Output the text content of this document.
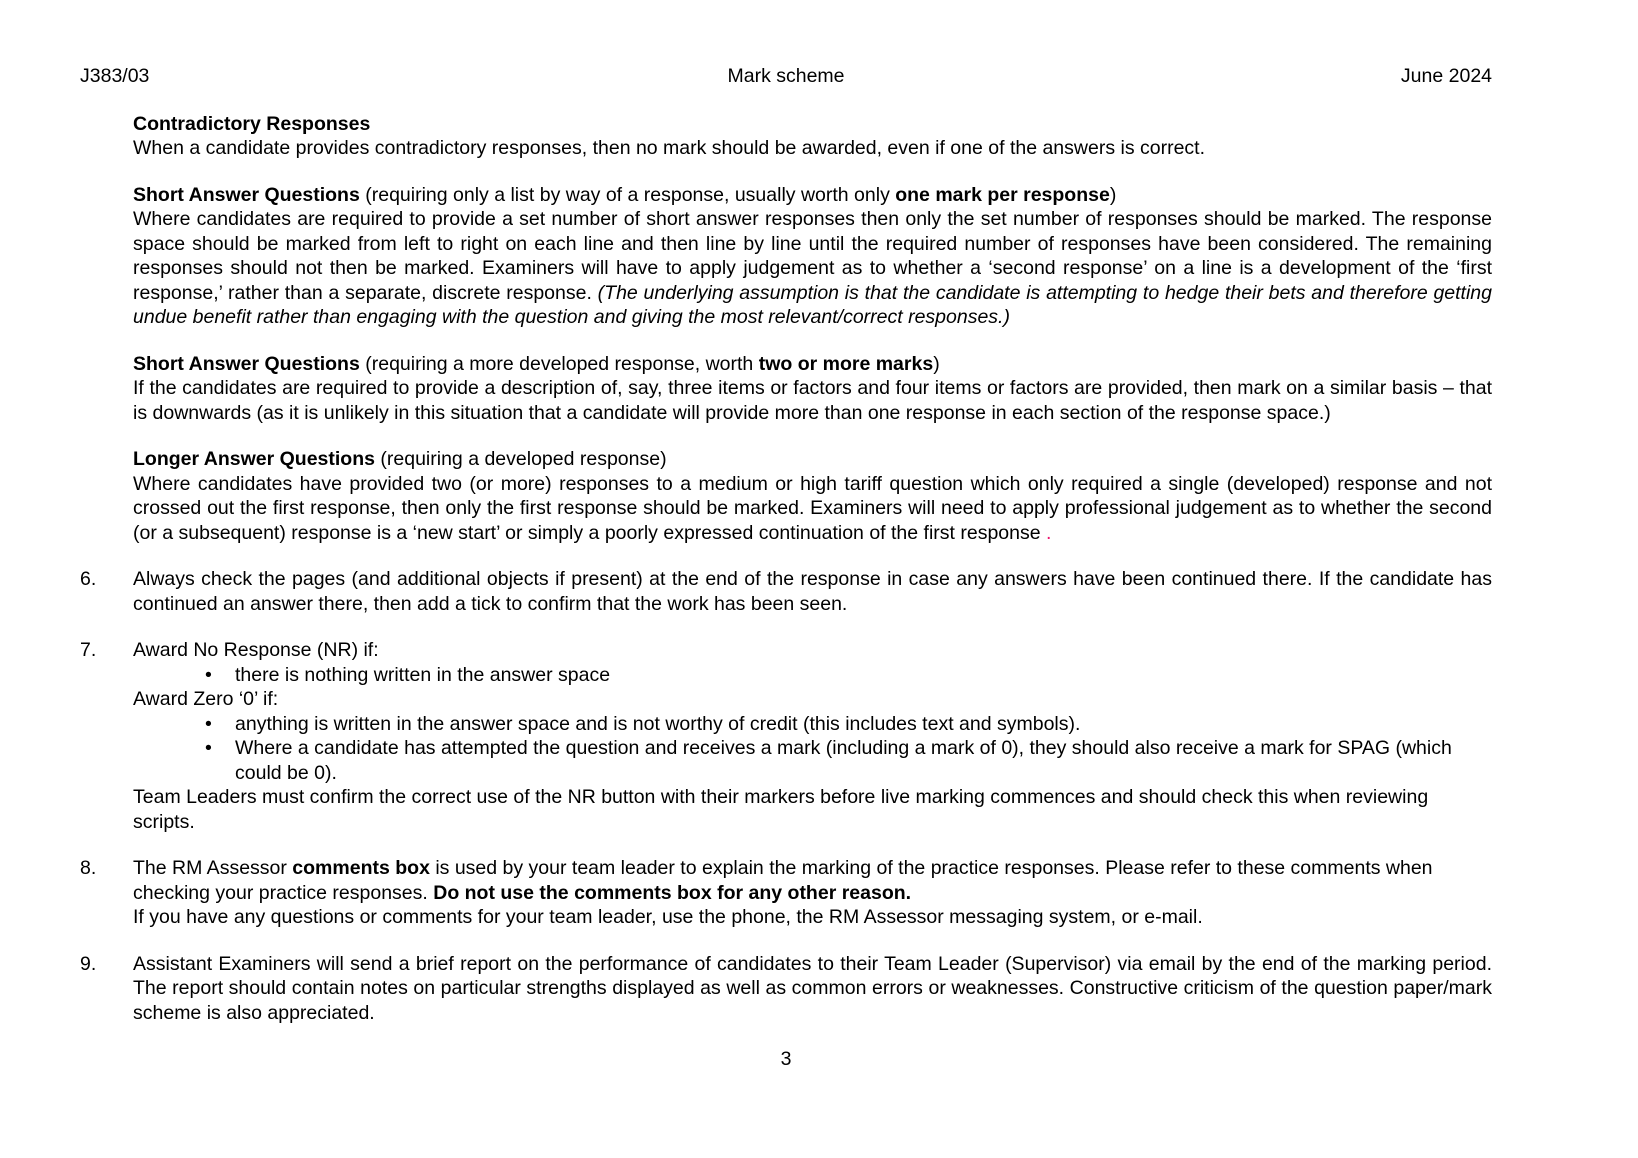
J383/03	Mark scheme	June 2024

Contradictory Responses

When a candidate provides contradictory responses, then no mark should be awarded, even if one of the answers is correct.

Short Answer Questions (requiring only a list by way of a response, usually worth only one mark per response)

Where candidates are required to provide a set number of short answer responses then only the set number of responses should be marked. The response space should be marked from left to right on each line and then line by line until the required number of responses have been considered. The remaining responses should not then be marked. Examiners will have to apply judgement as to whether a ‘second response’ on a line is a development of the ‘first response,’ rather than a separate, discrete response. (The underlying assumption is that the candidate is attempting to hedge their bets and therefore getting undue benefit rather than engaging with the question and giving the most relevant/correct responses.)

Short Answer Questions (requiring a more developed response, worth two or more marks)

If the candidates are required to provide a description of, say, three items or factors and four items or factors are provided, then mark on a similar basis – that is downwards (as it is unlikely in this situation that a candidate will provide more than one response in each section of the response space.)

Longer Answer Questions (requiring a developed response)

Where candidates have provided two (or more) responses to a medium or high tariff question which only required a single (developed) response and not crossed out the first response, then only the first response should be marked. Examiners will need to apply professional judgement as to whether the second (or a subsequent) response is a ‘new start’ or simply a poorly expressed continuation of the first response .

6.	Always check the pages (and additional objects if present) at the end of the response in case any answers have been continued there. If the candidate has continued an answer there, then add a tick to confirm that the work has been seen.

7.	Award No Response (NR) if:

•	there is nothing written in the answer space

Award Zero ‘0’ if:

•	anything is written in the answer space and is not worthy of credit (this includes text and symbols).

•	Where a candidate has attempted the question and receives a mark (including a mark of 0), they should also receive a mark for SPAG (which could be 0).

Team Leaders must confirm the correct use of the NR button with their markers before live marking commences and should check this when reviewing scripts.

8.	The RM Assessor comments box is used by your team leader to explain the marking of the practice responses. Please refer to these comments when checking your practice responses. Do not use the comments box for any other reason.

If you have any questions or comments for your team leader, use the phone, the RM Assessor messaging system, or e-mail.

9.	Assistant Examiners will send a brief report on the performance of candidates to their Team Leader (Supervisor) via email by the end of the marking period. The report should contain notes on particular strengths displayed as well as common errors or weaknesses. Constructive criticism of the question paper/mark scheme is also appreciated.

3
